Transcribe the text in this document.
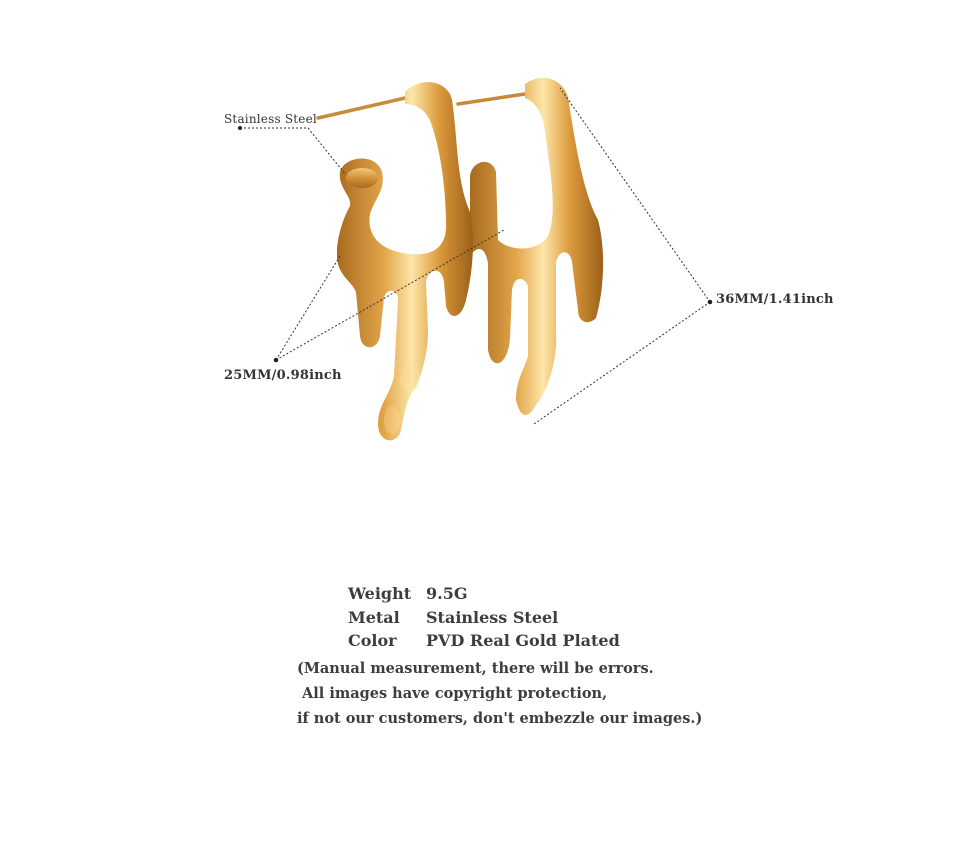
Stainless Steel
25MM/0.98inch
36MM/1.41inch
Weight 9.5G
Metal Stainless Steel
Color PVD Real Gold Plated
(Manual measurement, there will be errors.
All images have copyright protection,
if not our customers, don't embezzle our images.)
